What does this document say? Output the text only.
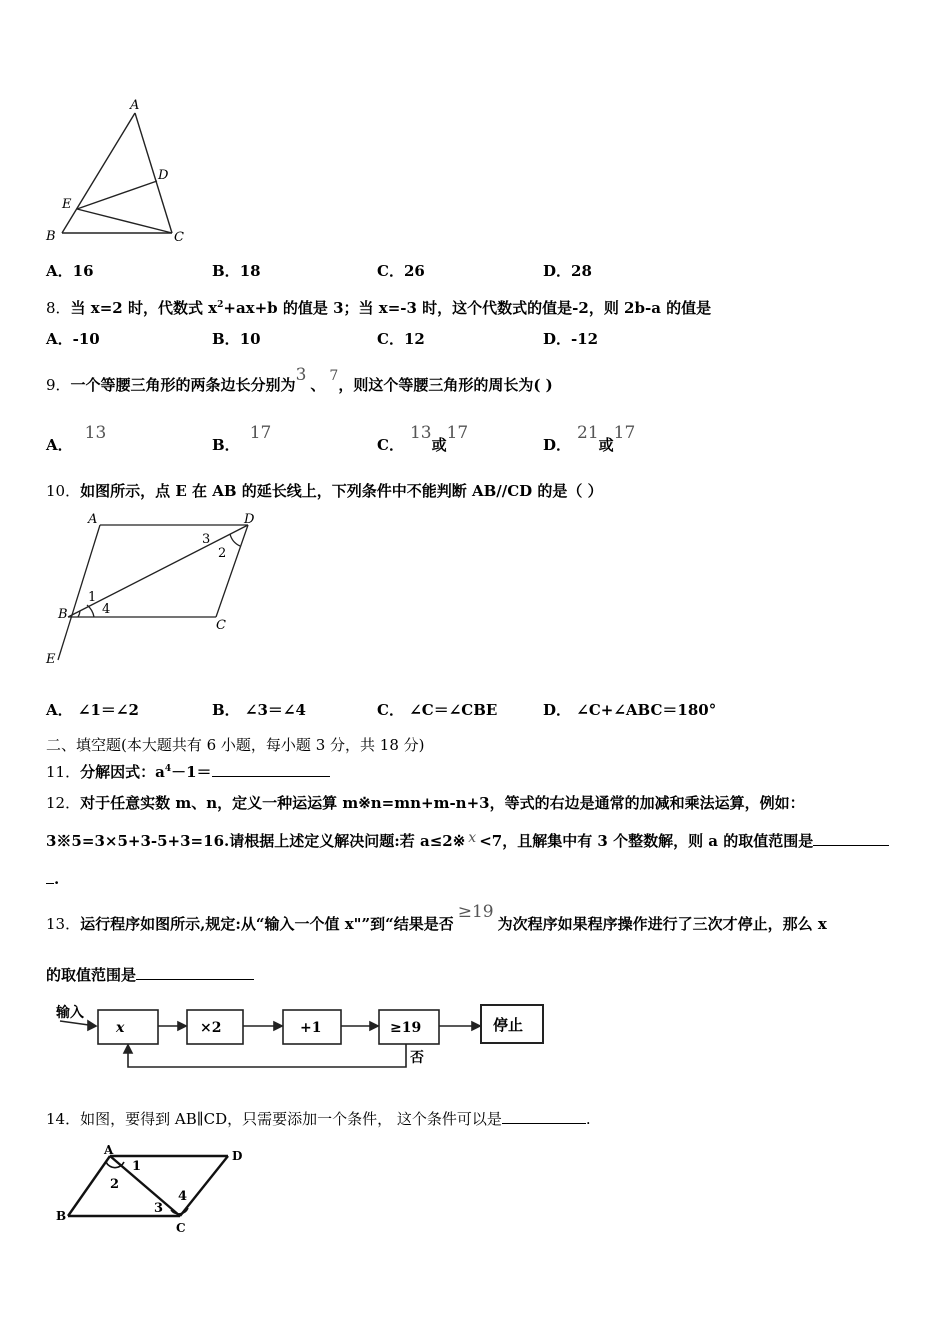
A
B	C
D
E
A．16	B．18	C．26	D．28
8．当 x=2 时，代数式 $x^2+ax+b$ 的值是 3；当 x=-3 时，这个代数式的值是-2，则 2b-a 的值是
A．-10	B．10	C．12	D．-12
9．一个等腰三角形的两条边长分别为3 、 7，则这个等腰三角形的周长为( )
A．13
B．17
C．13或17
D．21或17
10．如图所示，点 E 在 AB 的延长线上，下列条件中不能判断 AB//CD 的是（ ）
A	D
B
C
E
1
2
3
4
A． ∠1＝∠2	B． ∠3＝∠4	C． ∠C＝∠CBE	D． ∠C+∠ABC＝180°
二、填空题(本大题共有 6 小题，每小题 3 分，共 18 分)
11．分解因式：$a^4-1=$
12．对于任意实数 m、n，定义一种运运算 m※n=mn+m-n+3，等式的右边是通常的加减和乘法运算，例如：
3※5=3×5+3-5+3=16.请根据上述定义解决问题:若 a≤2※ x <7，且解集中有 3 个整数解，则 a 的取值范围是
.
13．运行程序如图所示,规定:从“输入一个值 x"”到“结果是否≥19为次程序如果程序操作进行了三次才停止，那么 x
的取值范围是
输入
x	×2	+1	≥19	停止
否
14．如图，要得到 AB∥CD，只需要添加一个条件， 这个条件可以是	.
A	D
B
C
1
2
3
4
